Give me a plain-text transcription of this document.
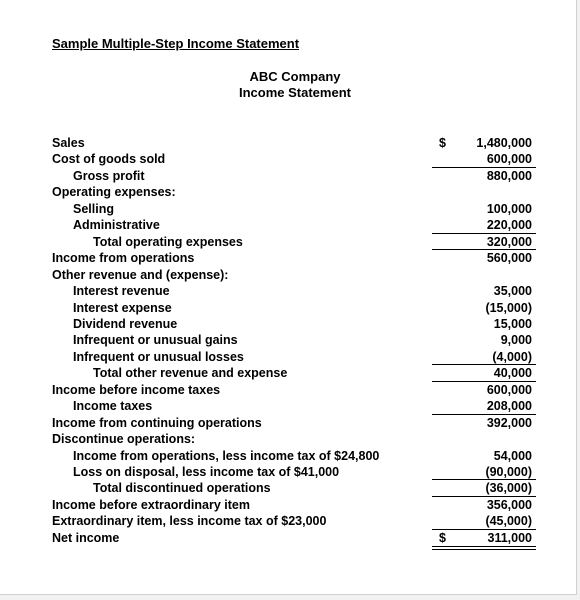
Sample Multiple-Step Income Statement
ABC Company
Income Statement
Sales	$	1,480,000
Cost of goods sold	600,000
Gross profit	880,000
Operating expenses:
Selling	100,000
Administrative	220,000
Total operating expenses	320,000
Income from operations	560,000
Other revenue and (expense):
Interest revenue	35,000
Interest expense	(15,000)
Dividend revenue	15,000
Infrequent or unusual gains	9,000
Infrequent or unusual losses	(4,000)
Total other revenue and expense	40,000
Income before income taxes	600,000
Income taxes	208,000
Income from continuing operations	392,000
Discontinue operations:
Income from operations, less income tax of $24,800	54,000
Loss on disposal, less income tax of $41,000	(90,000)
Total discontinued operations	(36,000)
Income before extraordinary item	356,000
Extraordinary item, less income tax of $23,000	(45,000)
Net income	$	311,000
